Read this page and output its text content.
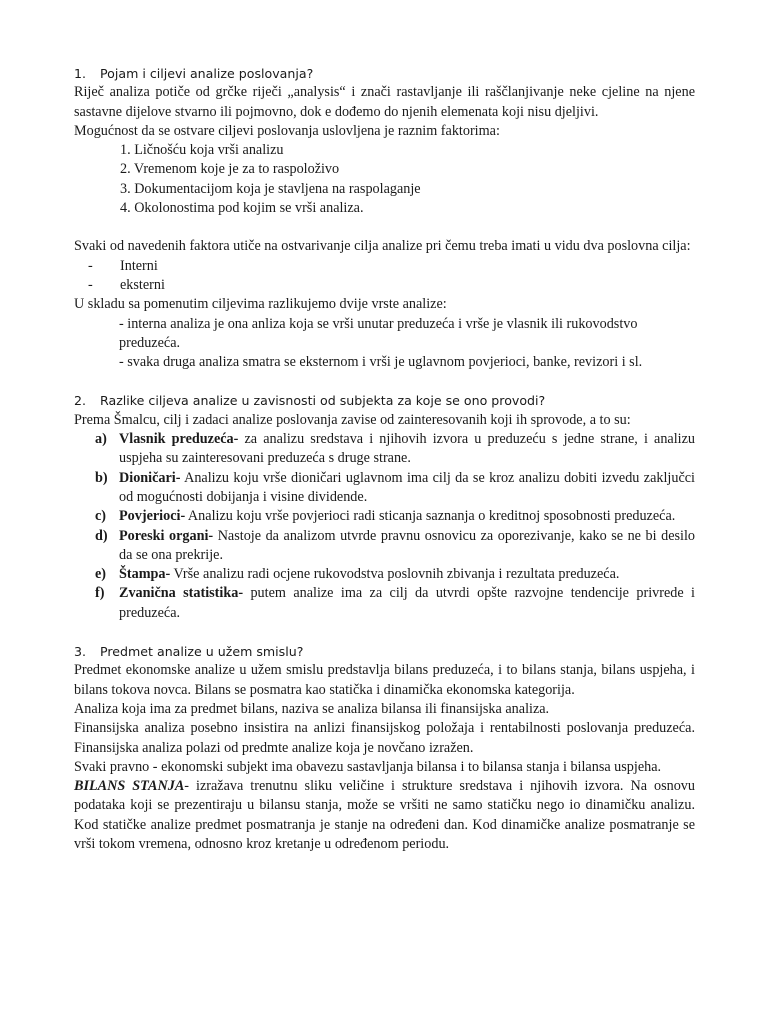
1. Pojam i ciljevi analize poslovanja?

Riječ analiza potiče od grčke riječi „analysis“ i znači rastavljanje ili raščlanjivanje neke cjeline na njene sastavne dijelove stvarno ili pojmovno, dok e dođemo do njenih elemenata koji nisu djeljivi.

Mogućnost da se ostvare ciljevi poslovanja uslovljena je raznim faktorima:

1. Ličnošću koja vrši analizu
2. Vremenom koje je za to raspoloživo
3. Dokumentacijom koja je stavljena na raspolaganje
4. Okolonostima pod kojim se vrši analiza.

Svaki od navedenih faktora utiče na ostvarivanje cilja analize pri čemu treba imati u vidu dva poslovna cilja:

- Interni
- eksterni

U skladu sa pomenutim ciljevima razlikujemo dvije vrste analize:

- interna analiza je ona anliza koja se vrši unutar preduzeća i vrše je vlasnik ili rukovodstvo preduzeća.

- svaka druga analiza smatra se eksternom i vrši je uglavnom povjerioci, banke, revizori i sl.

2. Razlike ciljeva analize u zavisnosti od subjekta za koje se ono provodi?

Prema Šmalcu, cilj i zadaci analize poslovanja zavise od zainteresovanih koji ih sprovode, a to su:

a) Vlasnik preduzeća- za analizu sredstava i njihovih izvora u preduzeću s jedne strane, i analizu uspjeha su zainteresovani preduzeća s druge strane.
b) Dioničari- Analizu koju vrše dioničari uglavnom ima cilj da se kroz analizu dobiti izvedu zaključci od mogućnosti dobijanja i visine dividende.
c) Povjerioci- Analizu koju vrše povjerioci radi sticanja saznanja o kreditnoj sposobnosti preduzeća.
d) Poreski organi- Nastoje da analizom utvrde pravnu osnovicu za oporezivanje, kako se ne bi desilo da se ona prekrije.
e) Štampa- Vrše analizu radi ocjene rukovodstva poslovnih zbivanja i rezultata preduzeća.
f) Zvanična statistika- putem analize ima za cilj da utvrdi opšte razvojne tendencije privrede i preduzeća.
3. Predmet analize u užem smislu?

Predmet ekonomske analize u užem smislu predstavlja bilans preduzeća, i to bilans stanja, bilans uspjeha, i bilans tokova novca. Bilans se posmatra kao statička i dinamička ekonomska kategorija.

Analiza koja ima za predmet bilans, naziva se analiza bilansa ili finansijska analiza.

Finansijska analiza posebno insistira na anlizi finansijskog položaja i rentabilnosti poslovanja preduzeća. Finansijska analiza polazi od predmte analize koja je novčano izražen.

Svaki pravno - ekonomski subjekt ima obavezu sastavljanja bilansa i to bilansa stanja i bilansa uspjeha.

BILANS STANJA- izražava trenutnu sliku veličine i strukture sredstava i njihovih izvora. Na osnovu podataka koji se prezentiraju u bilansu stanja, može se vršiti ne samo statičku nego io dinamičku analizu. Kod statičke analize predmet posmatranja je stanje na određeni dan. Kod dinamičke analize posmatranje se vrši tokom vremena, odnosno kroz kretanje u određenom periodu.
